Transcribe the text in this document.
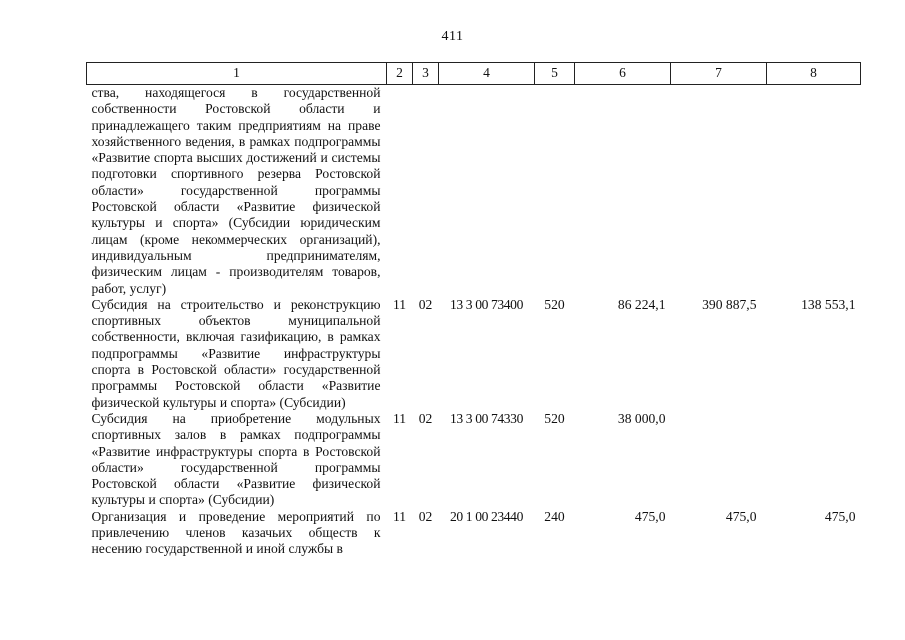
411
1	2	3	4	5	6	7	8
ства, находящегося в государственной собственности Ростовской области и принадлежащего таким предприятиям на праве хозяйственного ведения, в рамках подпрограммы «Развитие спорта высших достижений и системы подготовки спортивного резерва Ростовской области» государственной программы Ростовской области «Развитие физической культуры и спорта» (Субсидии юридическим лицам (кроме некоммерческих организаций), индивидуальным предпринимателям, физическим лицам - производителям товаров, работ, услуг)							
Субсидия на строительство и реконструкцию спортивных объектов муниципальной собственности, включая газификацию, в рамках подпрограммы «Развитие инфраструктуры спорта в Ростовской области» государственной программы Ростовской области «Развитие физической культуры и спорта» (Субсидии)	11	02	13 3 00 73400	520	86 224,1	390 887,5	138 553,1
Субсидия на приобретение модульных спортивных залов в рамках подпрограммы «Развитие инфраструктуры спорта в Ростовской области» государственной программы Ростовской области «Развитие физической культуры и спорта» (Субсидии)	11	02	13 3 00 74330	520	38 000,0		
Организация и проведение мероприятий по привлечению членов казачьих обществ к несению государственной и иной службы в	11	02	20 1 00 23440	240	475,0	475,0	475,0
